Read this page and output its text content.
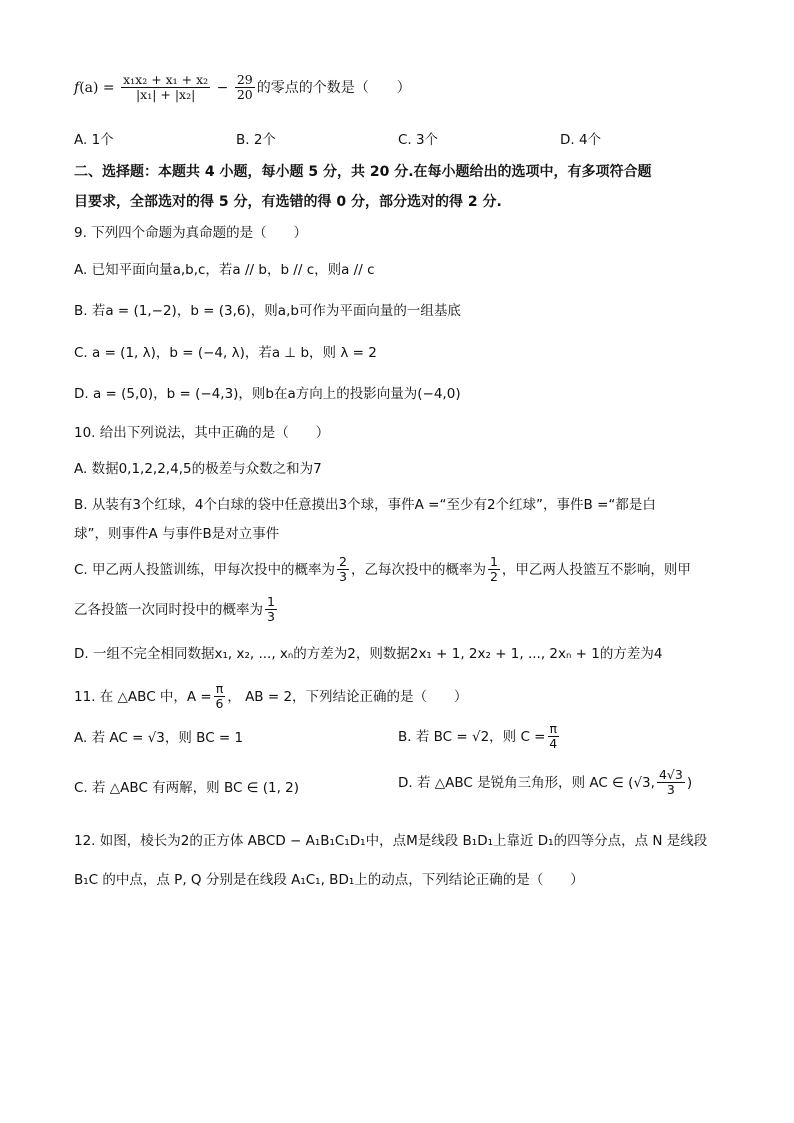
$f(a) = \frac{\text{x₁x₂ + x₁ + x₂}}{\text{|x₁| + |x₂|}} - \frac{29}{20}$ 的零点的个数是（　　）
A. 1个	B. 2个	C. 3个	D. 4个
二、选择题：本题共 4 小题，每小题 5 分，共 20 分.在每小题给出的选项中，有多项符合题
目要求，全部选对的得 5 分，有选错的得 0 分，部分选对的得 2 分.
9. 下列四个命题为真命题的是（　　）
A. 已知平面向量a,b,c，若a // b，b // c，则a // c
B. 若a = (1,−2)，b = (3,6)，则a,b可作为平面向量的一组基底
C. a = (1, λ)，b = (−4, λ)，若a ⊥ b，则 λ = 2
D. a = (5,0)，b = (−4,3)，则b在a方向上的投影向量为(−4,0)
10. 给出下列说法，其中正确的是（　　）
A. 数据0,1,2,2,4,5的极差与众数之和为7
B. 从装有3个红球，4个白球的袋中任意摸出3个球，事件A =“至少有2个红球”，事件B =“都是白
球”，则事件A 与事件B是对立事件
C. 甲乙两人投篮训练，甲每次投中的概率为 $\frac{2}{3}$ ，乙每次投中的概率为 $\frac{1}{2}$ ，甲乙两人投篮互不影响，则甲
乙各投篮一次同时投中的概率为 $\frac{1}{3}$
D. 一组不完全相同数据x₁, x₂, ..., xₙ的方差为2，则数据2x₁ + 1, 2x₂ + 1, ..., 2xₙ + 1的方差为4
11. 在 △ABC 中，$A = \frac{\pi}{6}$ ， AB = 2，下列结论正确的是（　　）
A. 若 AC = √3，则 BC = 1	B. 若 BC = √2，则 $C = \frac{\pi}{4}$
C. 若 △ABC 有两解，则 BC ∈ (1, 2)	D. 若 △ABC 是锐角三角形，则 AC ∈ (√3, $\frac{4√3}{3}$ )
12. 如图，棱长为2的正方体 ABCD − A₁B₁C₁D₁中，点M是线段 B₁D₁上靠近 D₁的四等分点，点 N 是线段
B₁C 的中点，点 P, Q 分别是在线段 A₁C₁, BD₁上的动点，下列结论正确的是（　　）
